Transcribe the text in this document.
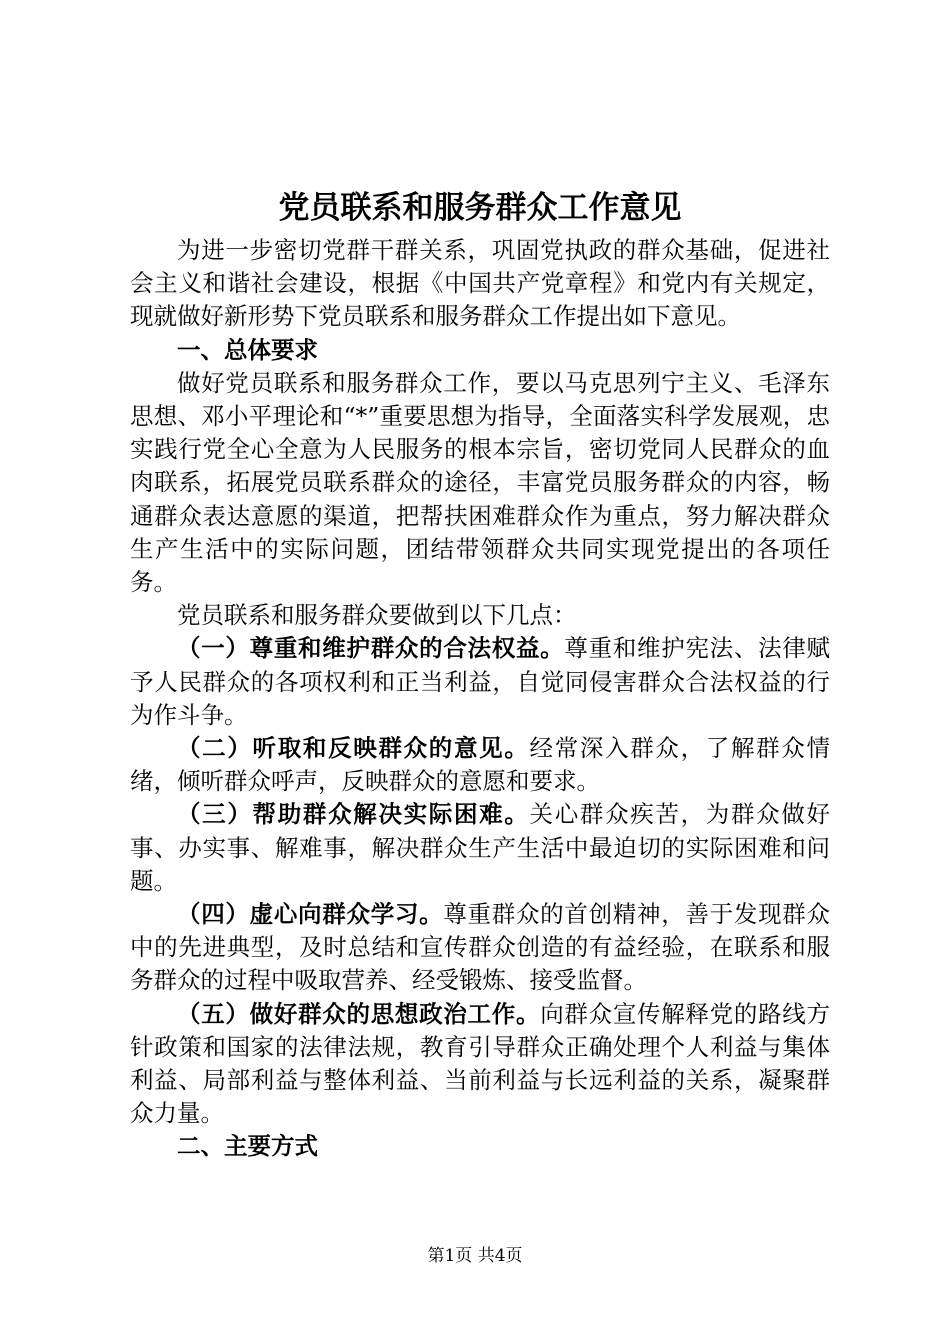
党员联系和服务群众工作意见

为进一步密切党群干群关系，巩固党执政的群众基础，促进社会主义和谐社会建设，根据《中国共产党章程》和党内有关规定，现就做好新形势下党员联系和服务群众工作提出如下意见。

一、总体要求

做好党员联系和服务群众工作，要以马克思列宁主义、毛泽东思想、邓小平理论和“*”重要思想为指导，全面落实科学发展观，忠实践行党全心全意为人民服务的根本宗旨，密切党同人民群众的血肉联系，拓展党员联系群众的途径，丰富党员服务群众的内容，畅通群众表达意愿的渠道，把帮扶困难群众作为重点，努力解决群众生产生活中的实际问题，团结带领群众共同实现党提出的各项任务。

党员联系和服务群众要做到以下几点：

（一）尊重和维护群众的合法权益。尊重和维护宪法、法律赋予人民群众的各项权利和正当利益，自觉同侵害群众合法权益的行为作斗争。

（二）听取和反映群众的意见。经常深入群众，了解群众情绪，倾听群众呼声，反映群众的意愿和要求。

（三）帮助群众解决实际困难。关心群众疾苦，为群众做好事、办实事、解难事，解决群众生产生活中最迫切的实际困难和问题。

（四）虚心向群众学习。尊重群众的首创精神，善于发现群众中的先进典型，及时总结和宣传群众创造的有益经验，在联系和服务群众的过程中吸取营养、经受锻炼、接受监督。

（五）做好群众的思想政治工作。向群众宣传解释党的路线方针政策和国家的法律法规，教育引导群众正确处理个人利益与集体利益、局部利益与整体利益、当前利益与长远利益的关系，凝聚群众力量。

二、主要方式

第1页 共4页
